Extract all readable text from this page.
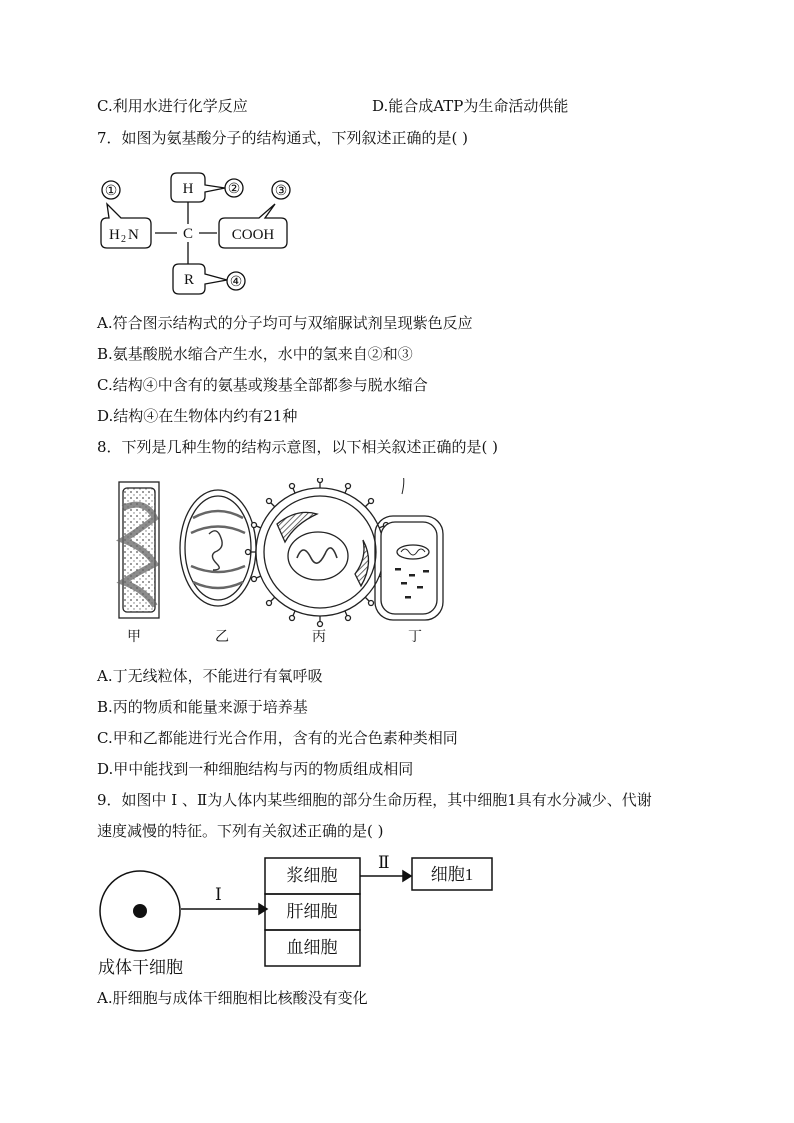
C.利用水进行化学反应	D.能合成ATP为生命活动供能
7．如图为氨基酸分子的结构通式，下列叙述正确的是( )
①	② ③
④
H
C
R
H 2 N	COOH
A.符合图示结构式的分子均可与双缩脲试剂呈现紫色反应
B.氨基酸脱水缩合产生水，水中的氢来自②和③
C.结构④中含有的氨基或羧基全部都参与脱水缩合
D.结构④在生物体内约有21种
8．下列是几种生物的结构示意图，以下相关叙述正确的是( )
甲	乙	丙	丁
A.丁无线粒体，不能进行有氧呼吸
B.丙的物质和能量来源于培养基
C.甲和乙都能进行光合作用，含有的光合色素种类相同
D.甲中能找到一种细胞结构与丙的物质组成相同
9．如图中 Ⅰ 、Ⅱ为人体内某些细胞的部分生命历程，其中细胞1具有水分减少、代谢
速度减慢的特征。下列有关叙述正确的是( )
Ⅰ
Ⅱ
浆细胞
肝细胞
血细胞
细胞1
成体干细胞
A.肝细胞与成体干细胞相比核酸没有变化
